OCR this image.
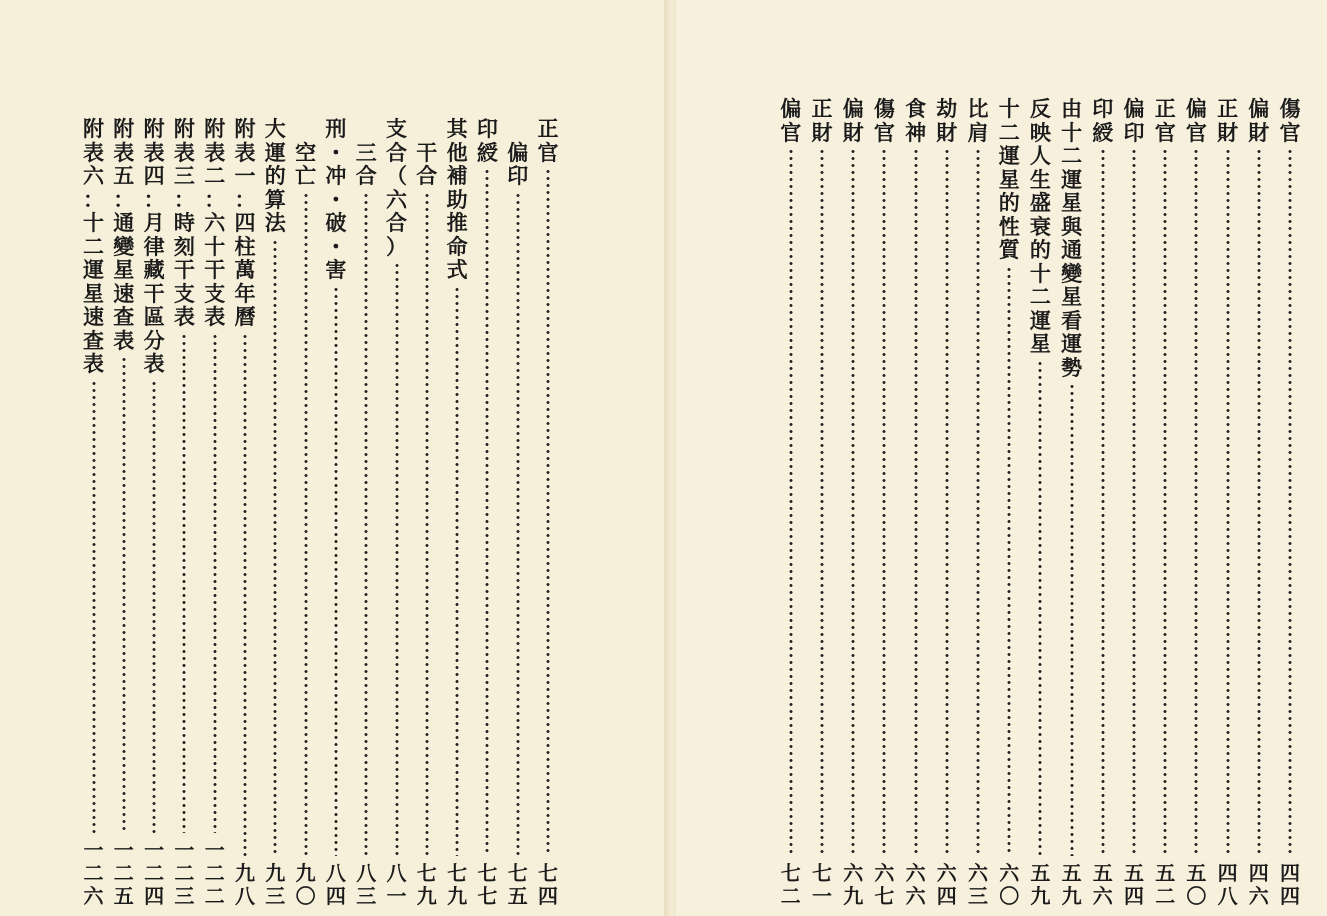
正
官
七
四
偏
印
七
五
印
綬
七
七
其
他
補
助
推
命
式
七
九
干
合
七
九
支
合
（
六
合
）
八
一
三
合
八
三
刑
・
冲
・
破
・
害
八
四
空
亡
九
〇
大
運
的
算
法
九
三
附
表
一
：
四
柱
萬
年
曆
九
八
附
表
二
：
六
十
干
支
表
一
二
二
附
表
三
：
時
刻
干
支
表
一
二
三
附
表
四
：
月
律
藏
干
區
分
表
一
二
四
附
表
五
：
通
變
星
速
查
表
一
二
五
附
表
六
：
十
二
運
星
速
查
表
一
二
六
傷
官
四
四
偏
財
四
六
正
財
四
八
偏
官
五
〇
正
官
五
二
偏
印
五
四
印
綬
五
六
由
十
二
運
星
與
通
變
星
看
運
勢
五
九
反
映
人
生
盛
衰
的
十
二
運
星
五
九
十
二
運
星
的
性
質
六
〇
比
肩
六
三
劫
財
六
四
食
神
六
六
傷
官
六
七
偏
財
六
九
正
財
七
一
偏
官
七
二
